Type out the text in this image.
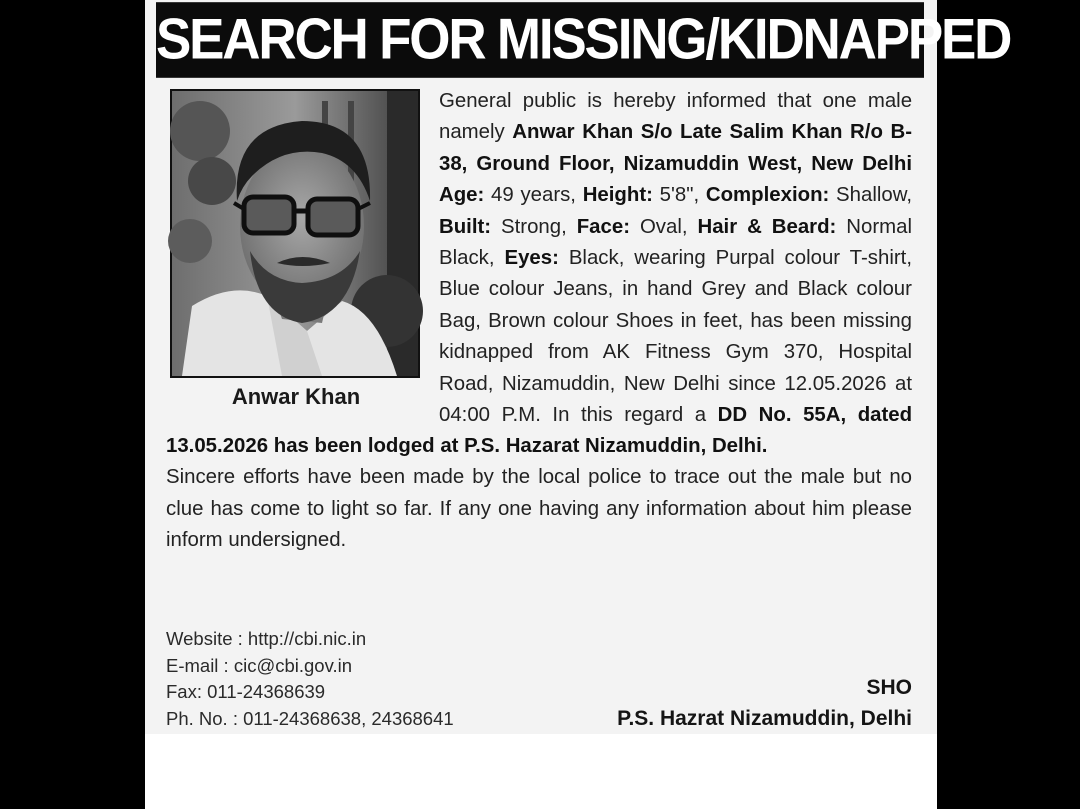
SEARCH FOR MISSING/KIDNAPPED
Anwar Khan
General public is hereby informed that one male namely Anwar Khan S/o Late Salim Khan R/o B-38, Ground Floor, Nizamuddin West, New Delhi Age: 49 years, Height: 5'8", Complexion: Shallow, Built: Strong, Face: Oval, Hair & Beard: Normal Black, Eyes: Black, wearing Purpal colour T-shirt, Blue colour Jeans, in hand Grey and Black colour Bag, Brown colour Shoes in feet, has been missing kidnapped from AK Fitness Gym 370, Hospital Road, Nizamuddin, New Delhi since 12.05.2026 at 04:00 P.M. In this regard a DD No. 55A, dated
13.05.2026 has been lodged at P.S. Hazarat Nizamuddin, Delhi.
Sincere efforts have been made by the local police to trace out the male but no clue has come to light so far. If any one having any information about him please inform undersigned.
Website : http://cbi.nic.in
E-mail : cic@cbi.gov.in
Fax: 011-24368639
Ph. No. : 011-24368638, 24368641
SHO
P.S. Hazrat Nizamuddin, Delhi
